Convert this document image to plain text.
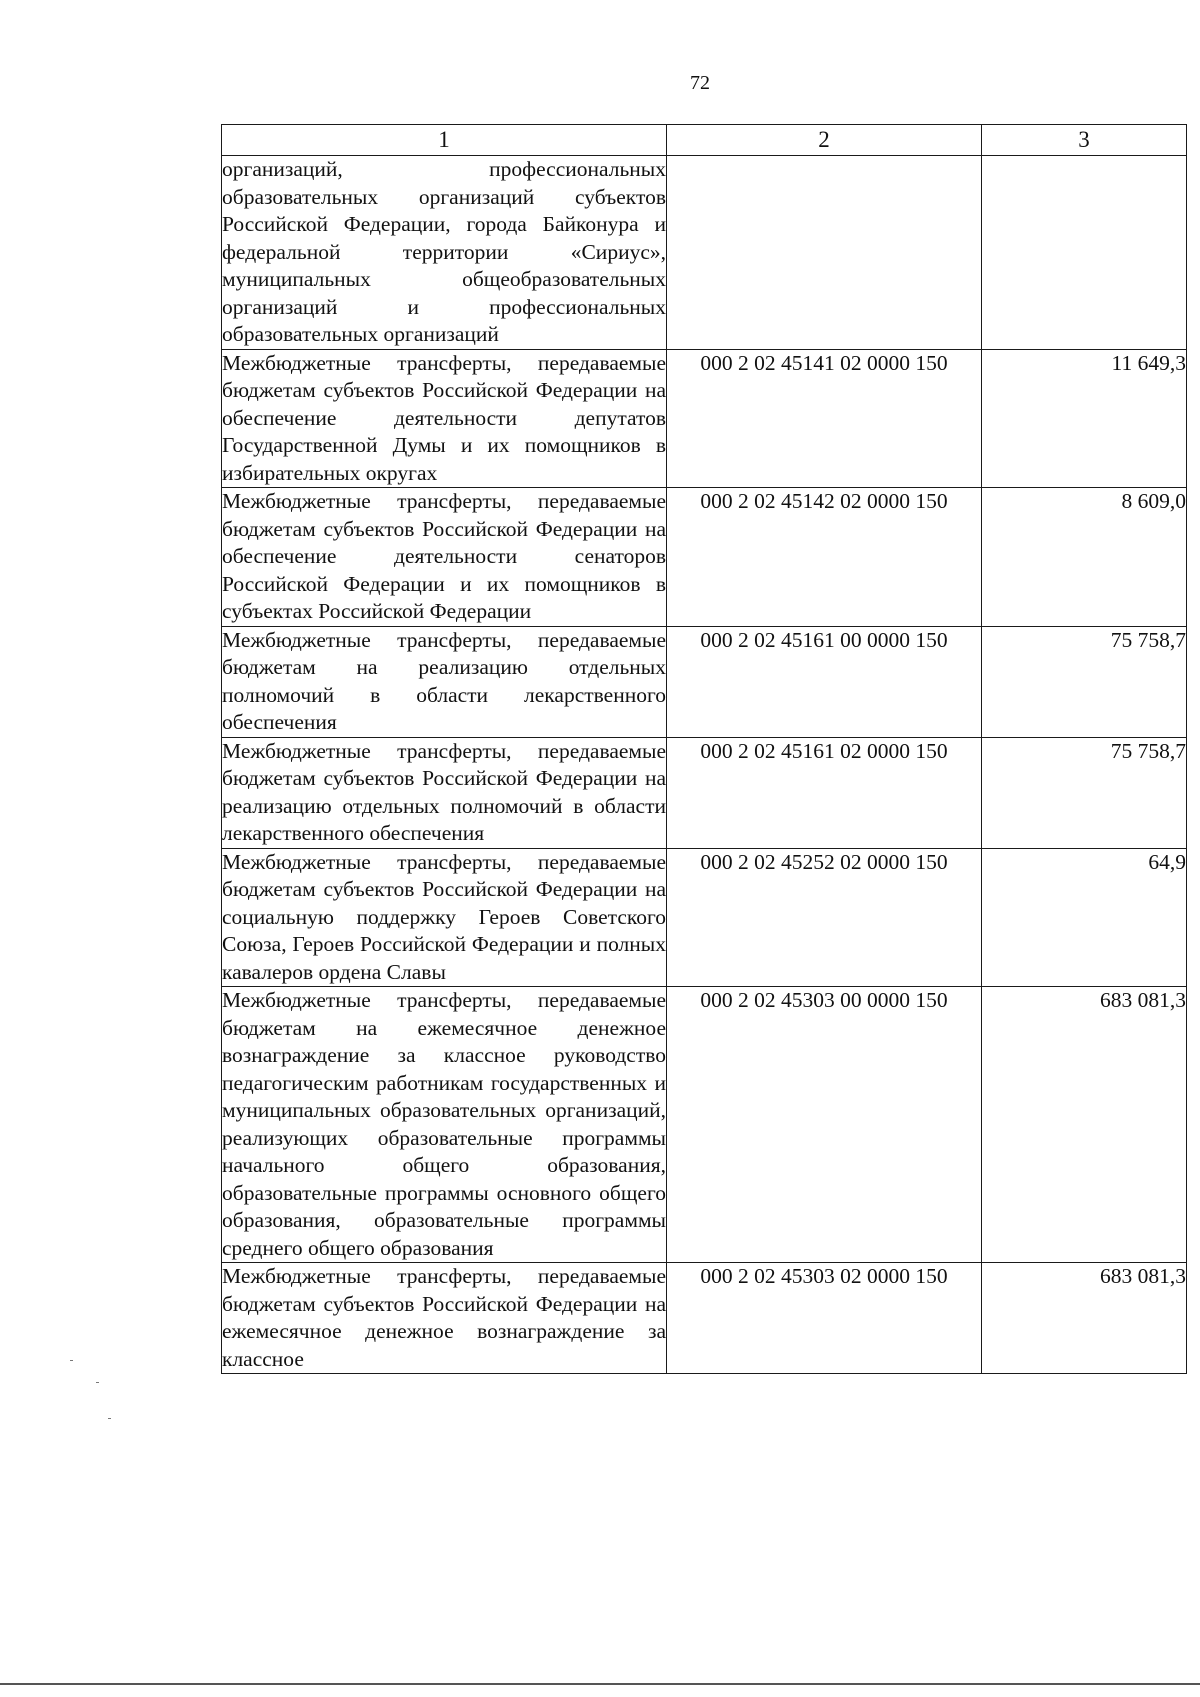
72
1	2	3
организаций, профессиональных образовательных организаций субъектов Российской Федерации, города Байконура и федеральной территории «Сириус», муниципальных общеобразовательных организаций и профессиональных образовательных организаций		
Межбюджетные трансферты, передаваемые бюджетам субъектов Российской Федерации на обеспечение деятельности депутатов Государственной Думы и их помощников в избирательных округах	000 2 02 45141 02 0000 150	11 649,3
Межбюджетные трансферты, передаваемые бюджетам субъектов Российской Федерации на обеспечение деятельности сенаторов Российской Федерации и их помощников в субъектах Российской Федерации	000 2 02 45142 02 0000 150	8 609,0
Межбюджетные трансферты, передаваемые бюджетам на реализацию отдельных полномочий в области лекарственного обеспечения	000 2 02 45161 00 0000 150	75 758,7
Межбюджетные трансферты, передаваемые бюджетам субъектов Российской Федерации на реализацию отдельных полномочий в области лекарственного обеспечения	000 2 02 45161 02 0000 150	75 758,7
Межбюджетные трансферты, передаваемые бюджетам субъектов Российской Федерации на социальную поддержку Героев Советского Союза, Героев Российской Федерации и полных кавалеров ордена Славы	000 2 02 45252 02 0000 150	64,9
Межбюджетные трансферты, передаваемые бюджетам на ежемесячное денежное вознаграждение за классное руководство педагогическим работникам государственных и муниципальных образовательных организаций, реализующих образовательные программы начального общего образования, образовательные программы основного общего образования, образовательные программы среднего общего образования	000 2 02 45303 00 0000 150	683 081,3
Межбюджетные трансферты, передаваемые бюджетам субъектов Российской Федерации на ежемесячное денежное вознаграждение за классное	000 2 02 45303 02 0000 150	683 081,3
